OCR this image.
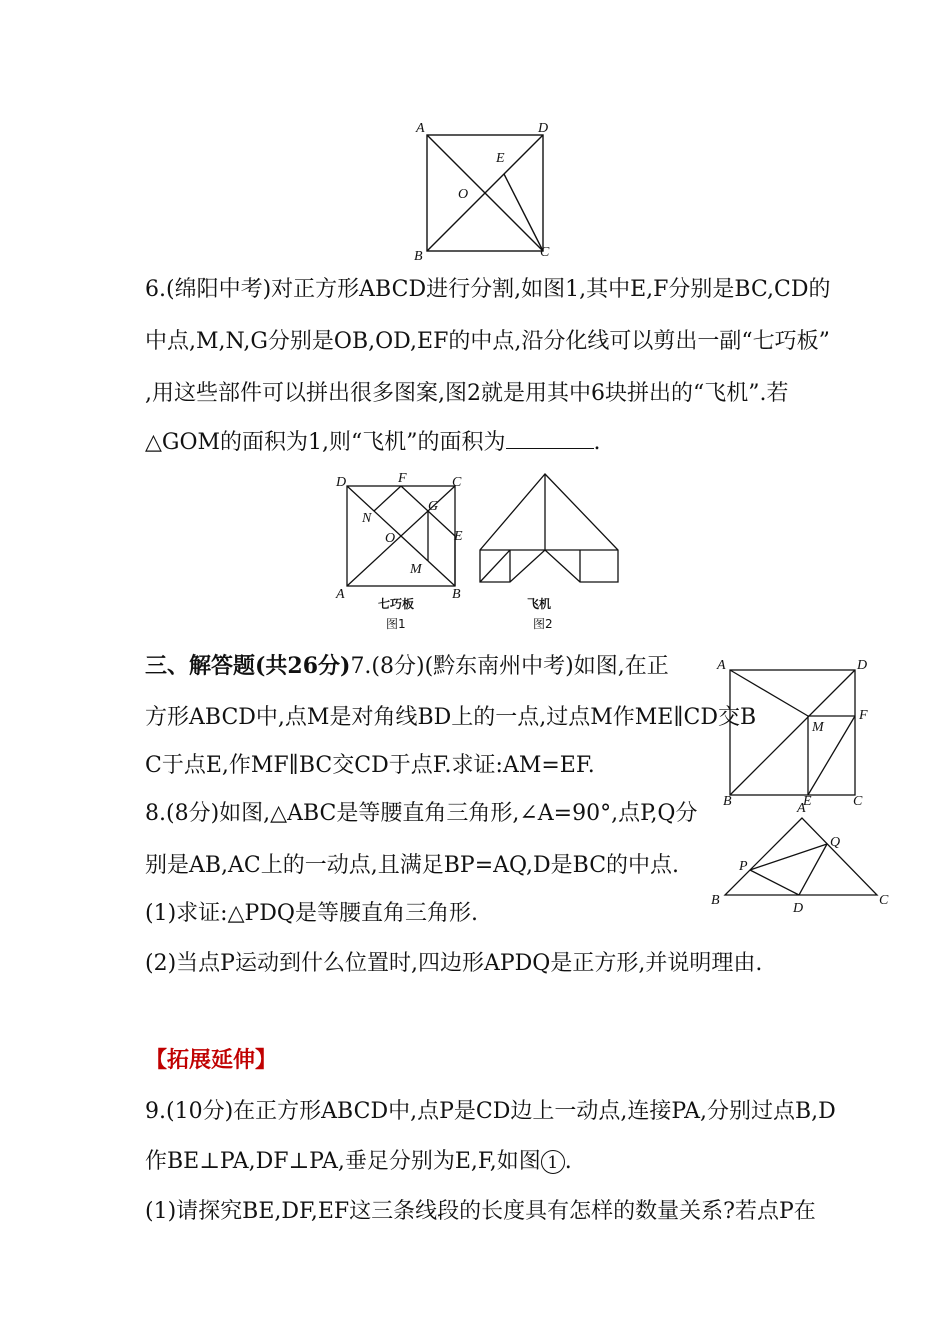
A	D
E
O
B	C
6.(绵阳中考)对正方形ABCD进行分割,如图1,其中E,F分别是BC,CD的
中点,M,N,G分别是OB,OD,EF的中点,沿分化线可以剪出一副“七巧板”
,用这些部件可以拼出很多图案,图2就是用其中6块拼出的“飞机”.若
△GOM的面积为1,则“飞机”的面积为	.
D	F	C
N
G
O	E
M
A	B
七巧板
图1
飞机
图2
三、解答题(共26分)7.(8分)(黔东南州中考)如图,在正
方形ABCD中,点M是对角线BD上的一点,过点M作ME∥CD交B
C于点E,作MF∥BC交CD于点F.求证:AM=EF.
A	D
F
M
B	E	C
8.(8分)如图,△ABC是等腰直角三角形,∠A=90°,点P,Q分
别是AB,AC上的一动点,且满足BP=AQ,D是BC的中点.
(1)求证:△PDQ是等腰直角三角形.
(2)当点P运动到什么位置时,四边形APDQ是正方形,并说明理由.
A
Q
P
B
D
C
【拓展延伸】
9.(10分)在正方形ABCD中,点P是CD边上一动点,连接PA,分别过点B,D
作BE⊥PA,DF⊥PA,垂足分别为E,F,如图 1 .
(1)请探究BE,DF,EF这三条线段的长度具有怎样的数量关系?若点P在
